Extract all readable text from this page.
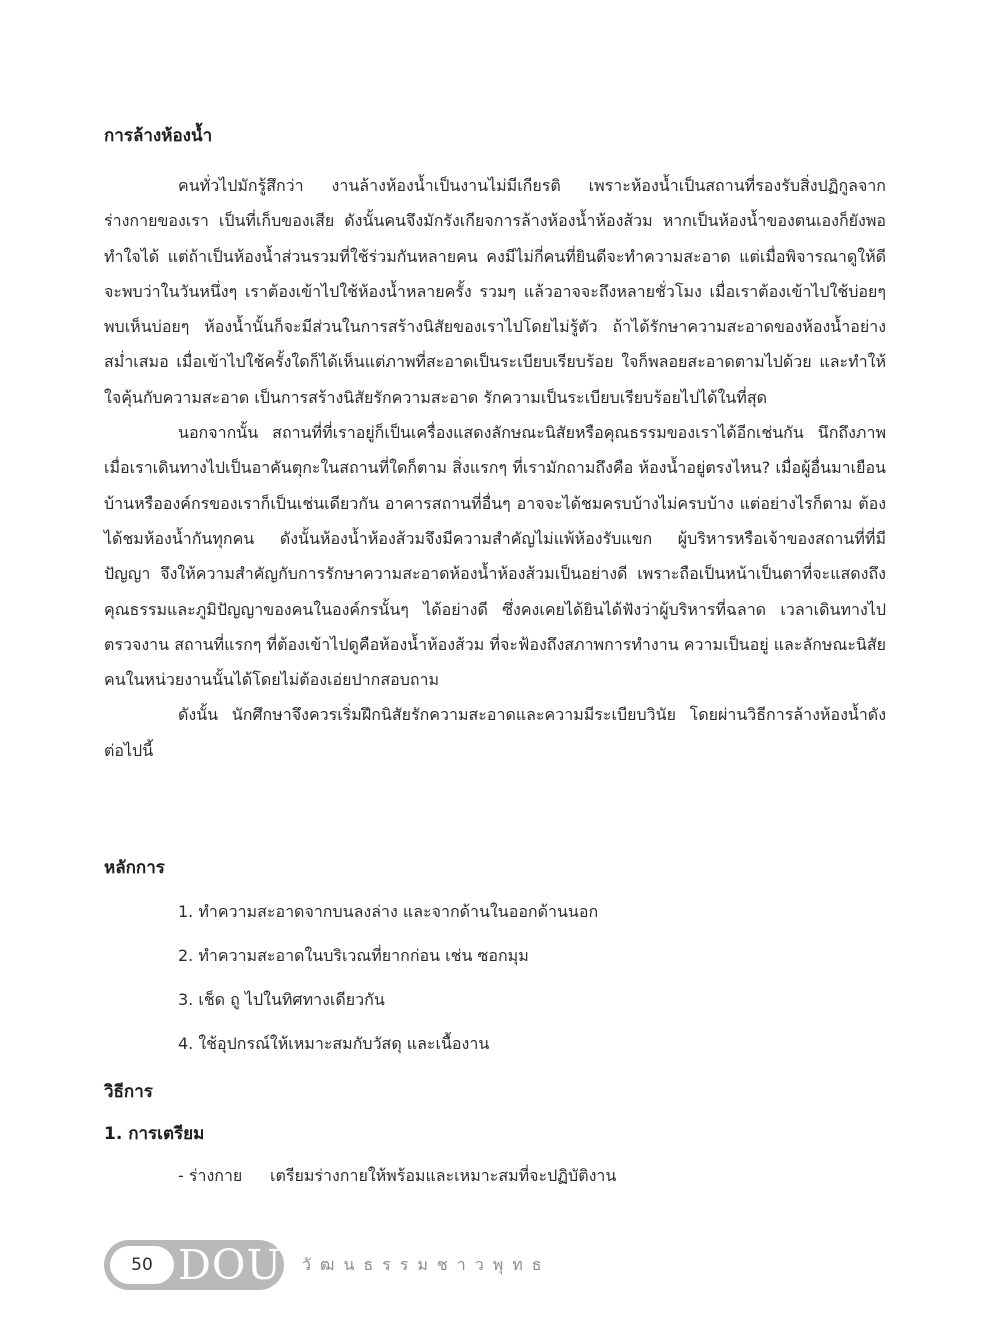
การล้างห้องน้ำ

คนทั่วไปมักรู้สึกว่า งานล้างห้องน้ำเป็นงานไม่มีเกียรติ เพราะห้องน้ำเป็นสถานที่รองรับสิ่งปฏิกูลจากร่างกายของเรา เป็นที่เก็บของเสีย ดังนั้นคนจึงมักรังเกียจการล้างห้องน้ำห้องส้วม หากเป็นห้องน้ำของตนเองก็ยังพอทำใจได้ แต่ถ้าเป็นห้องน้ำส่วนรวมที่ใช้ร่วมกันหลายคน คงมีไม่กี่คนที่ยินดีจะทำความสะอาด แต่เมื่อพิจารณาดูให้ดีจะพบว่าในวันหนึ่งๆ เราต้องเข้าไปใช้ห้องน้ำหลายครั้ง รวมๆ แล้วอาจจะถึงหลายชั่วโมง เมื่อเราต้องเข้าไปใช้บ่อยๆ พบเห็นบ่อยๆ ห้องน้ำนั้นก็จะมีส่วนในการสร้างนิสัยของเราไปโดยไม่รู้ตัว ถ้าได้รักษาความสะอาดของห้องน้ำอย่างสม่ำเสมอ เมื่อเข้าไปใช้ครั้งใดก็ได้เห็นแต่ภาพที่สะอาดเป็นระเบียบเรียบร้อย ใจก็พลอยสะอาดตามไปด้วย และทำให้ใจคุ้นกับความสะอาด เป็นการสร้างนิสัยรักความสะอาด รักความเป็นระเบียบเรียบร้อยไปได้ในที่สุด

นอกจากนั้น สถานที่ที่เราอยู่ก็เป็นเครื่องแสดงลักษณะนิสัยหรือคุณธรรมของเราได้อีกเช่นกัน นึกถึงภาพเมื่อเราเดินทางไปเป็นอาคันตุกะในสถานที่ใดก็ตาม สิ่งแรกๆ ที่เรามักถามถึงคือ ห้องน้ำอยู่ตรงไหน? เมื่อผู้อื่นมาเยือนบ้านหรือองค์กรของเราก็เป็นเช่นเดียวกัน อาคารสถานที่อื่นๆ อาจจะได้ชมครบบ้างไม่ครบบ้าง แต่อย่างไรก็ตาม ต้องได้ชมห้องน้ำกันทุกคน ดังนั้นห้องน้ำห้องส้วมจึงมีความสำคัญไม่แพ้ห้องรับแขก ผู้บริหารหรือเจ้าของสถานที่ที่มีปัญญา จึงให้ความสำคัญกับการรักษาความสะอาดห้องน้ำห้องส้วมเป็นอย่างดี เพราะถือเป็นหน้าเป็นตาที่จะแสดงถึงคุณธรรมและภูมิปัญญาของคนในองค์กรนั้นๆ ได้อย่างดี ซึ่งคงเคยได้ยินได้ฟังว่าผู้บริหารที่ฉลาด เวลาเดินทางไปตรวจงาน สถานที่แรกๆ ที่ต้องเข้าไปดูคือห้องน้ำห้องส้วม ที่จะฟ้องถึงสภาพการทำงาน ความเป็นอยู่ และลักษณะนิสัยคนในหน่วยงานนั้นได้โดยไม่ต้องเอ่ยปากสอบถาม

ดังนั้น นักศึกษาจึงควรเริ่มฝึกนิสัยรักความสะอาดและความมีระเบียบวินัย โดยผ่านวิธีการล้างห้องน้ำดังต่อไปนี้

หลักการ
1. ทำความสะอาดจากบนลงล่าง และจากด้านในออกด้านนอก
2. ทำความสะอาดในบริเวณที่ยากก่อน เช่น ซอกมุม
3. เช็ด ถู ไปในทิศทางเดียวกัน
4. ใช้อุปกรณ์ให้เหมาะสมกับวัสดุ และเนื้องาน
วิธีการ
1. การเตรียม
- ร่างกาย	เตรียมร่างกายให้พร้อมและเหมาะสมที่จะปฏิบัติงาน
50 DOU วัฒนธรรมชาวพุทธ
